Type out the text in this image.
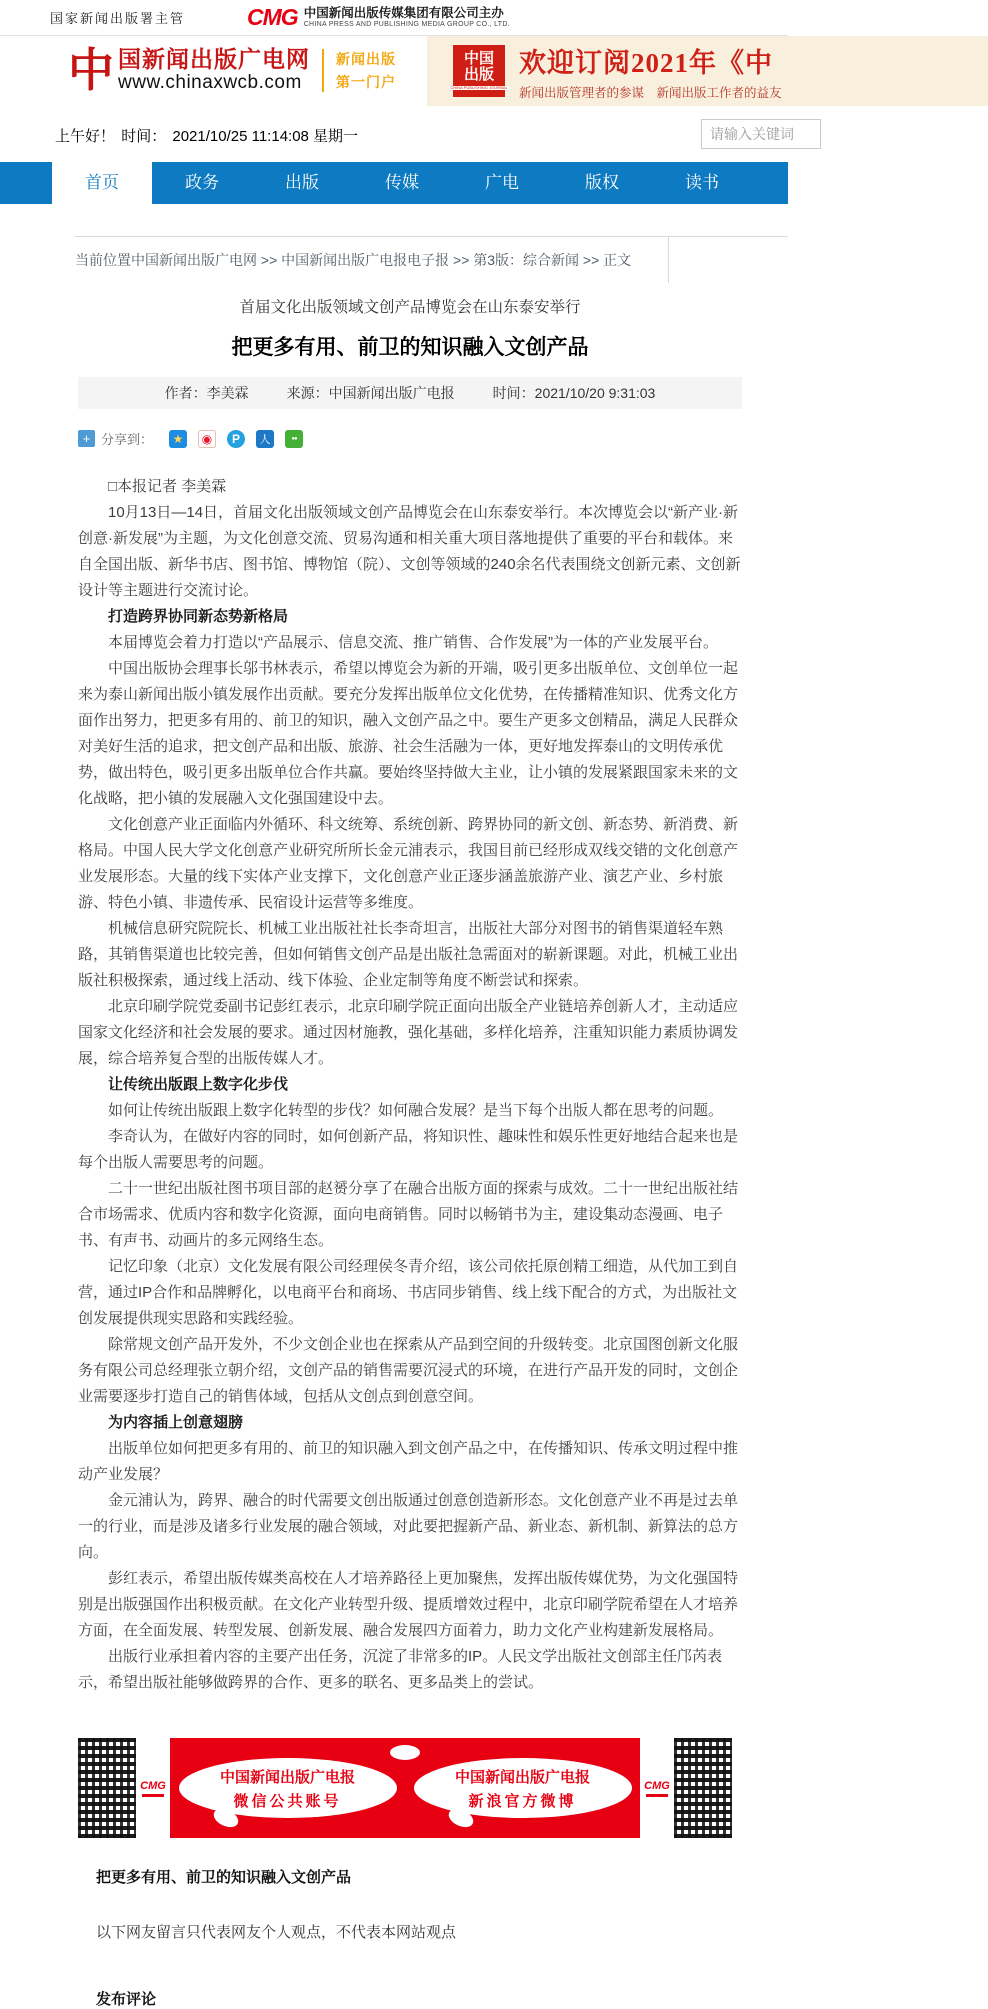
国家新闻出版署主管	CMG 中国新闻出版传媒集团有限公司主办
CHINA PRESS AND PUBLISHING MEDIA GROUP CO., LTD.
中 国新闻出版广电网
www.chinaxwcb.com
新闻出版
第一门户
中国
出版
CHINA PUBLISHING JOURNAL
欢迎订阅2021年《中
新闻出版管理者的参谋　新闻出版工作者的益友
上午好！ 时间： 2021/10/25 11:14:08 星期一
请输入关键词
首页	政务	出版	传媒	广电	版权	读书
当前位置中国新闻出版广电网 >> 中国新闻出版广电报电子报 >> 第3版：综合新闻 >> 正文
首届文化出版领域文创产品博览会在山东泰安举行
把更多有用、前卫的知识融入文创产品
作者：李美霖	来源：中国新闻出版广电报	时间：2021/10/20 9:31:03
+ 分享到：	★	◉	P	人	●●

□本报记者 李美霖

10月13日—14日，首届文化出版领域文创产品博览会在山东泰安举行。本次博览会以“新产业·新创意·新发展”为主题，为文化创意交流、贸易沟通和相关重大项目落地提供了重要的平台和载体。来自全国出版、新华书店、图书馆、博物馆（院）、文创等领域的240余名代表围绕文创新元素、文创新设计等主题进行交流讨论。

打造跨界协同新态势新格局

本届博览会着力打造以“产品展示、信息交流、推广销售、合作发展”为一体的产业发展平台。

中国出版协会理事长邬书林表示，希望以博览会为新的开端，吸引更多出版单位、文创单位一起来为泰山新闻出版小镇发展作出贡献。要充分发挥出版单位文化优势，在传播精准知识、优秀文化方面作出努力，把更多有用的、前卫的知识，融入文创产品之中。要生产更多文创精品，满足人民群众对美好生活的追求，把文创产品和出版、旅游、社会生活融为一体，更好地发挥泰山的文明传承优势，做出特色，吸引更多出版单位合作共赢。要始终坚持做大主业，让小镇的发展紧跟国家未来的文化战略，把小镇的发展融入文化强国建设中去。

文化创意产业正面临内外循环、科文统筹、系统创新、跨界协同的新文创、新态势、新消费、新格局。中国人民大学文化创意产业研究所所长金元浦表示，我国目前已经形成双线交错的文化创意产业发展形态。大量的线下实体产业支撑下，文化创意产业正逐步涵盖旅游产业、演艺产业、乡村旅游、特色小镇、非遗传承、民宿设计运营等多维度。

机械信息研究院院长、机械工业出版社社长李奇坦言，出版社大部分对图书的销售渠道轻车熟路，其销售渠道也比较完善，但如何销售文创产品是出版社急需面对的崭新课题。对此，机械工业出版社积极探索，通过线上活动、线下体验、企业定制等角度不断尝试和探索。

北京印刷学院党委副书记彭红表示，北京印刷学院正面向出版全产业链培养创新人才，主动适应国家文化经济和社会发展的要求。通过因材施教，强化基础，多样化培养，注重知识能力素质协调发展，综合培养复合型的出版传媒人才。

让传统出版跟上数字化步伐

如何让传统出版跟上数字化转型的步伐？如何融合发展？是当下每个出版人都在思考的问题。

李奇认为，在做好内容的同时，如何创新产品，将知识性、趣味性和娱乐性更好地结合起来也是每个出版人需要思考的问题。

二十一世纪出版社图书项目部的赵赟分享了在融合出版方面的探索与成效。二十一世纪出版社结合市场需求、优质内容和数字化资源，面向电商销售。同时以畅销书为主，建设集动态漫画、电子书、有声书、动画片的多元网络生态。

记忆印象（北京）文化发展有限公司经理侯冬青介绍，该公司依托原创精工细造，从代加工到自营，通过IP合作和品牌孵化，以电商平台和商场、书店同步销售、线上线下配合的方式，为出版社文创发展提供现实思路和实践经验。

除常规文创产品开发外，不少文创企业也在探索从产品到空间的升级转变。北京国图创新文化服务有限公司总经理张立朝介绍，文创产品的销售需要沉浸式的环境，在进行产品开发的同时，文创企业需要逐步打造自己的销售体域，包括从文创点到创意空间。

为内容插上创意翅膀

出版单位如何把更多有用的、前卫的知识融入到文创产品之中，在传播知识、传承文明过程中推动产业发展？

金元浦认为，跨界、融合的时代需要文创出版通过创意创造新形态。文化创意产业不再是过去单一的行业，而是涉及诸多行业发展的融合领域，对此要把握新产品、新业态、新机制、新算法的总方向。

彭红表示，希望出版传媒类高校在人才培养路径上更加聚焦，发挥出版传媒优势，为文化强国特别是出版强国作出积极贡献。在文化产业转型升级、提质增效过程中，北京印刷学院希望在人才培养方面，在全面发展、转型发展、创新发展、融合发展四方面着力，助力文化产业构建新发展格局。

出版行业承担着内容的主要产出任务，沉淀了非常多的IP。人民文学出版社文创部主任邝芮表示，希望出版社能够做跨界的合作、更多的联名、更多品类上的尝试。

CMG	中国新闻出版广电报
微信公共账号
中国新闻出版广电报
新浪官方微博
CMG
把更多有用、前卫的知识融入文创产品
以下网友留言只代表网友个人观点，不代表本网站观点
发布评论
